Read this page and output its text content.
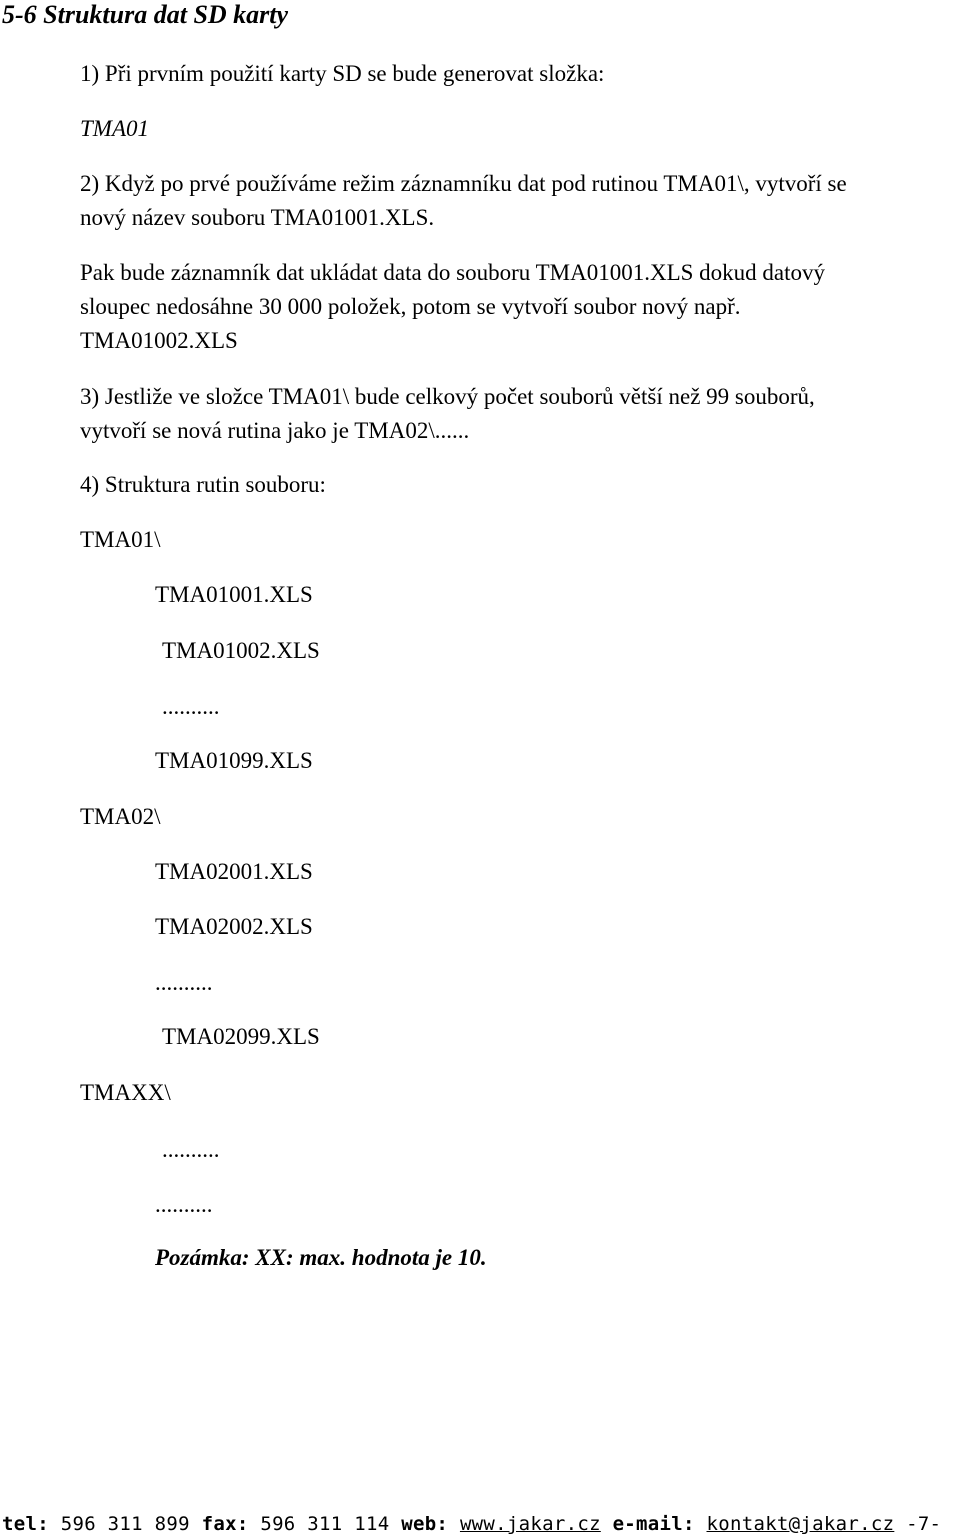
5-6 Struktura dat SD karty
1) Při prvním použití karty SD se bude generovat složka:
TMA01
2) Když po prvé používáme režim záznamníku dat pod rutinou TMA01\, vytvoří se
nový název souboru TMA01001.XLS.
Pak bude záznamník dat ukládat data do souboru TMA01001.XLS dokud datový
sloupec nedosáhne 30 000 položek, potom se vytvoří soubor nový např.
TMA01002.XLS
3) Jestliže ve složce TMA01\ bude celkový počet souborů větší než 99 souborů,
vytvoří se nová rutina jako je TMA02\......
4) Struktura rutin souboru:
TMA01\
TMA01001.XLS
TMA01002.XLS
..........
TMA01099.XLS
TMA02\
TMA02001.XLS
TMA02002.XLS
..........
TMA02099.XLS
TMAXX\
..........
..........
Pozámka: XX: max. hodnota je 10.
tel: 596 311 899 fax: 596 311 114 web: www.jakar.cz e-mail: kontakt@jakar.cz -7-
